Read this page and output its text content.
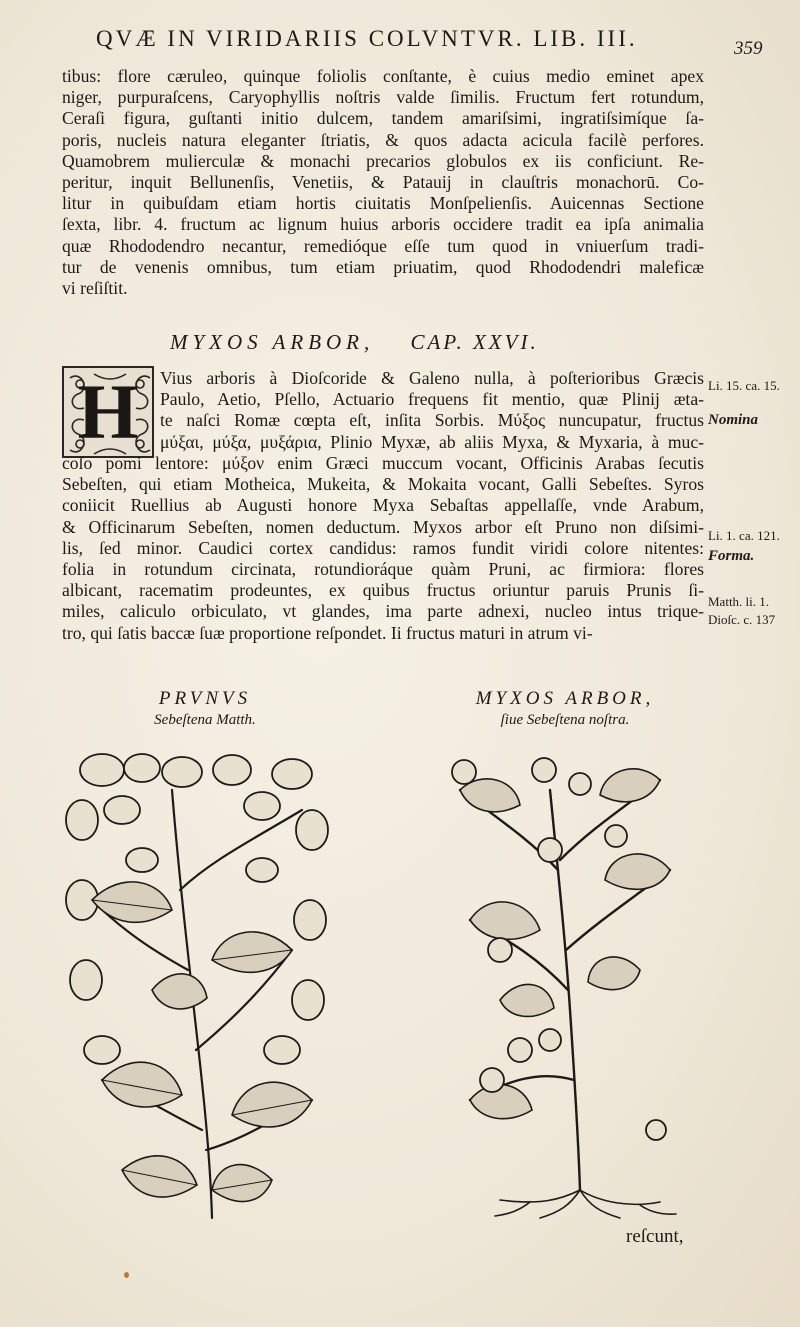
QVÆ IN VIRIDARIIS COLVNTVR. LIB. III.	359

tibus: flore cæruleo, quinque foliolis conſtante, è cuius medio eminet apex
niger, purpuraſcens, Caryophyllis noſtris valde ſimilis. Fructum fert rotundum,
Ceraſi figura, guſtanti initio dulcem, tandem amariſsimi, ingratiſsimíque ſa-
poris, nucleis natura eleganter ſtriatis, & quos adacta acicula facilè perfores.
Quamobrem mulierculæ & monachi precarios globulos ex iis conficiunt. Re-
peritur, inquit Bellunenſis, Venetiis, & Patauij in clauſtris monachorū. Co-
litur in quibuſdam etiam hortis ciuitatis Monſpelienſis. Auicennas Sectione
ſexta, libr. 4. fructum ac lignum huius arboris occidere tradit ea ipſa animalia
quæ Rhododendro necantur, remedióque eſſe tum quod in vniuerſum tradi-
tur de venenis omnibus, tum etiam priuatim, quod Rhododendri maleficæ
vi reſiſtit.

MYXOS ARBOR, CAP. XXVI.
H Vius arboris à Dioſcoride & Galeno nulla, à poſterioribus Græcis
Paulo, Aetio, Pſello, Actuario frequens fit mentio, quæ Plinij æta-
te naſci Romæ cœpta eſt, inſita Sorbis. Μύξος nuncupatur, fructus
μύξαι, μύξα, μυξάρια, Plinio Myxæ, ab aliis Myxa, & Myxaria, à muc-

coſo pomi lentore: μύξον enim Græci muccum vocant, Officinis Arabas ſecutis
Sebeſten, qui etiam Motheica, Mukeita, & Mokaita vocant, Galli Sebeſtes. Syros
coniicit Ruellius ab Augusti honore Myxa Sebaſtas appellaſſe, vnde Arabum,
& Officinarum Sebeſten, nomen deductum. Myxos arbor eſt Pruno non diſsimi-
lis, ſed minor. Caudici cortex candidus: ramos fundit viridi colore nitentes:
folia in rotundum circinata, rotundioráque quàm Pruni, ac firmiora: flores
albicant, racematim prodeuntes, ex quibus fructus oriuntur paruis Prunis ſi-
miles, caliculo orbiculato, vt glandes, ima parte adnexi, nucleo intus trique-
tro, qui ſatis baccæ ſuæ proportione reſpondet. Ii fructus maturi in atrum vi-

Li. 15. ca. 15.
Nomina
Li. 1. ca. 121.
Forma.
Matth. li. 1.
Dioſc. c. 137
PRVNVS
Sebeſtena Matth.
MYXOS ARBOR,
ſiue Sebeſtena noſtra.
reſcunt,
